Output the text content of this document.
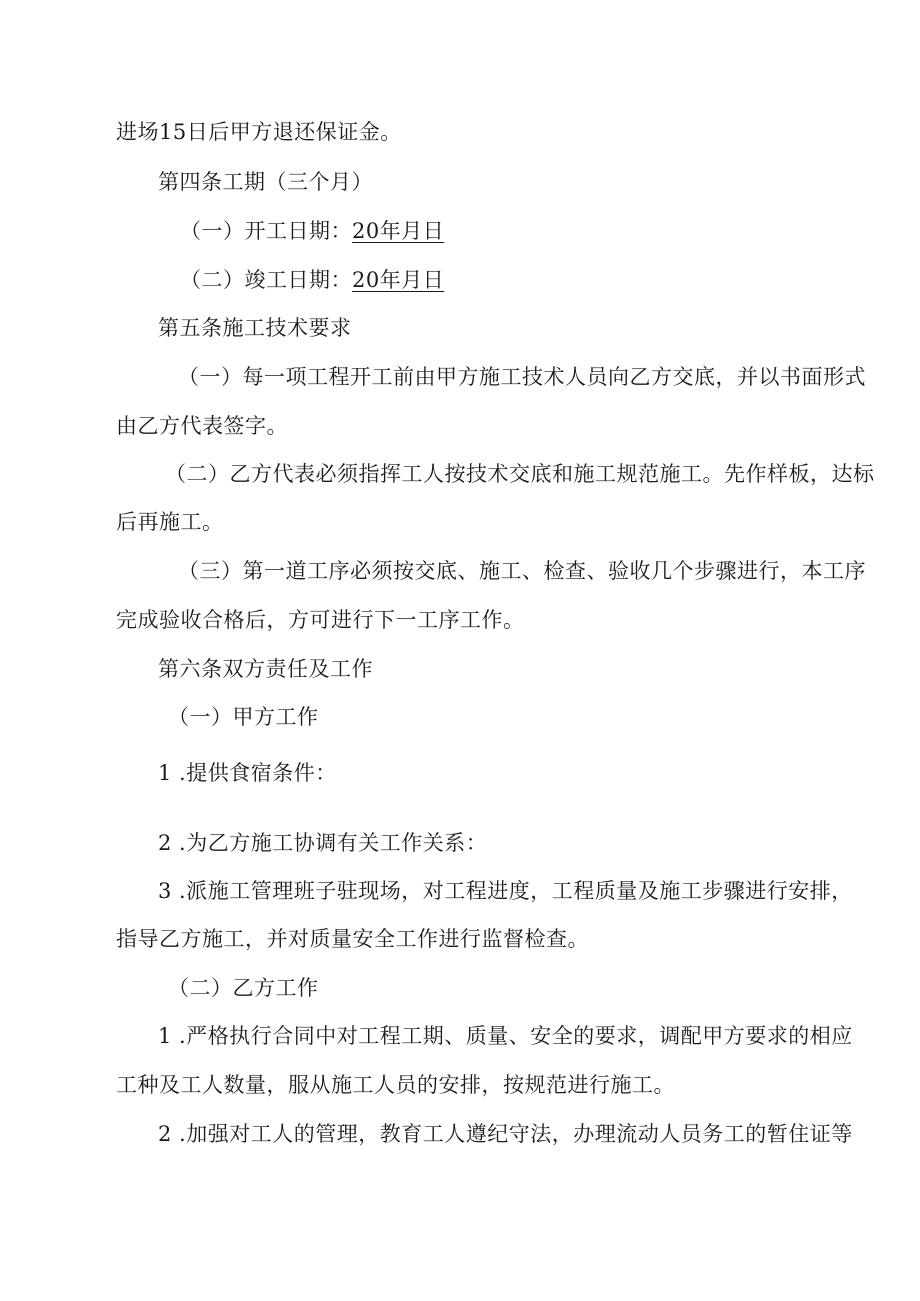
进场15日后甲方退还保证金。
第四条工期（三个月）
（一）开工日期：20年月日
（二）竣工日期：20年月日
第五条施工技术要求
（一）每一项工程开工前由甲方施工技术人员向乙方交底，并以书面形式
由乙方代表签字。
（二）乙方代表必须指挥工人按技术交底和施工规范施工。先作样板，达标
后再施工。
（三）第一道工序必须按交底、施工、检查、验收几个步骤进行，本工序
完成验收合格后，方可进行下一工序工作。
第六条双方责任及工作
（一）甲方工作
1 .提供食宿条件：
2 .为乙方施工协调有关工作关系：
3 .派施工管理班子驻现场，对工程进度，工程质量及施工步骤进行安排，
指导乙方施工，并对质量安全工作进行监督检查。
（二）乙方工作
1 .严格执行合同中对工程工期、质量、安全的要求，调配甲方要求的相应
工种及工人数量，服从施工人员的安排，按规范进行施工。
2 .加强对工人的管理，教育工人遵纪守法，办理流动人员务工的暂住证等
